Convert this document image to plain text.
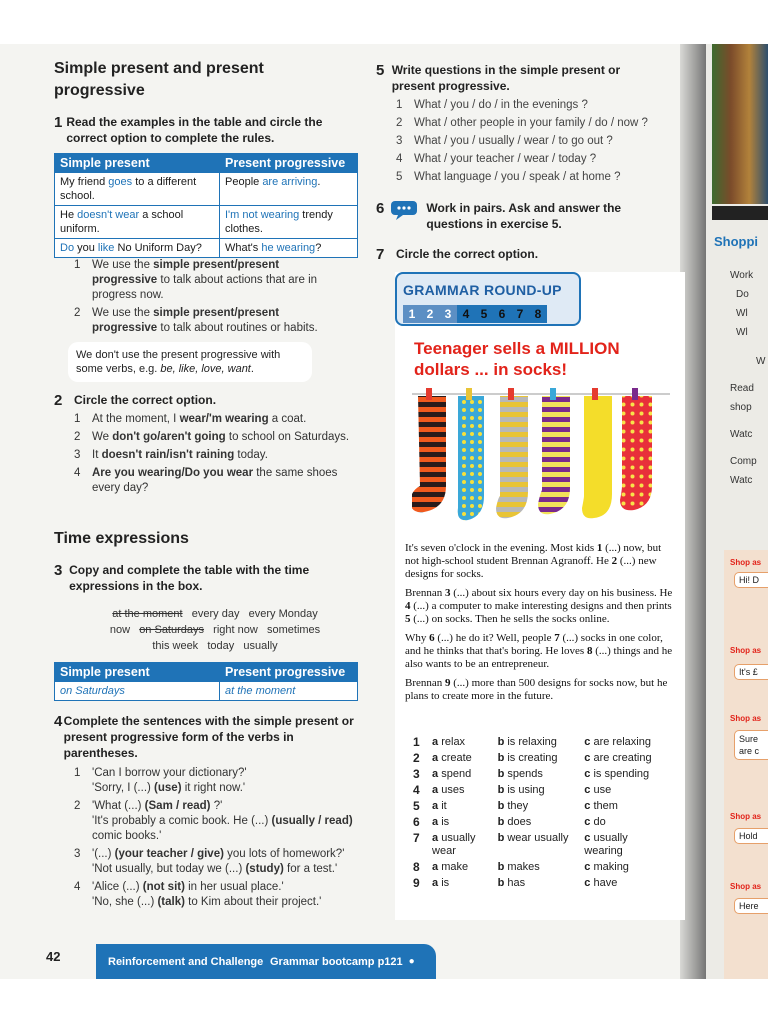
Simple present and present
progressive
1 Read the examples in the table and circle the correct option to complete the rules.
Simple present	Present progressive
My friend goes to a different school.	People are arriving.
He doesn't wear a school uniform.	I'm not wearing trendy clothes.
Do you like No Uniform Day?	What's he wearing?
1	We use the simple present/present progressive to talk about actions that are in progress now.
2	We use the simple present/present progressive to talk about routines or habits.
We don't use the present progressive with some verbs, e.g. be, like, love, want.
2 Circle the correct option.
1	At the moment, I wear/'m wearing a coat.
2	We don't go/aren't going to school on Saturdays.
3	It doesn't rain/isn't raining today.
4	Are you wearing/Do you wear the same shoes every day?
Time expressions
3 Copy and complete the table with the time expressions in the box.
at the moment   every day   every Monday
now   on Saturdays   right now   sometimes
this week   today   usually
Simple present	Present progressive
on Saturdays	at the moment
4 Complete the sentences with the simple present or present progressive form of the verbs in parentheses.
1	'Can I borrow your dictionary?'
'Sorry, I (...) (use) it right now.'
2	'What (...) (Sam / read) ?'
'It's probably a comic book. He (...) (usually / read) comic books.'
3	'(...) (your teacher / give) you lots of homework?'
'Not usually, but today we (...) (study) for a test.'
4	'Alice (...) (not sit) in her usual place.'
'No, she (...) (talk) to Kim about their project.'
5 Write questions in the simple present or present progressive.
1	What / you / do / in the evenings ?
2	What / other people in your family / do / now ?
3	What / you / usually / wear / to go out ?
4	What / your teacher / wear / today ?
5	What language / you / speak / at home ?
6	Work in pairs. Ask and answer the questions in exercise 5.
7 Circle the correct option.
GRAMMAR ROUND-UP
1 2 3 4 5 6 7 8
Teenager sells a MILLION
dollars ... in socks!

It's seven o'clock in the evening. Most kids 1 (...) now, but not high-school student Brennan Agranoff. He 2 (...) new designs for socks.

Brennan 3 (...) about six hours every day on his business. He 4 (...) a computer to make interesting designs and then prints 5 (...) on socks. Then he sells the socks online.

Why 6 (...) he do it? Well, people 7 (...) socks in one color, and he thinks that that's boring. He loves 8 (...) things and he also wants to be an entrepreneur.

Brennan 9 (...) more than 500 designs for socks now, but he plans to create more in the future.

1	a relax	b is relaxing	c are relaxing
2	a create	b is creating	c are creating
3	a spend	b spends	c is spending
4	a uses	b is using	c use
5	a it	b they	c them
6	a is	b does	c do
7	a usually wear	b wear usually	c usually wearing
8	a make	b makes	c making
9	a is	b has	c have
42	Reinforcement and Challenge Grammar bootcamp p121 ●
Shoppi
Work
Do
Wl
Wl
W
Read
shop
Watc
Comp
Watc
Shop as
Hi! D
Shop as
It's £
Shop as
Sure
are c
Shop as
Hold
Shop as
Here
